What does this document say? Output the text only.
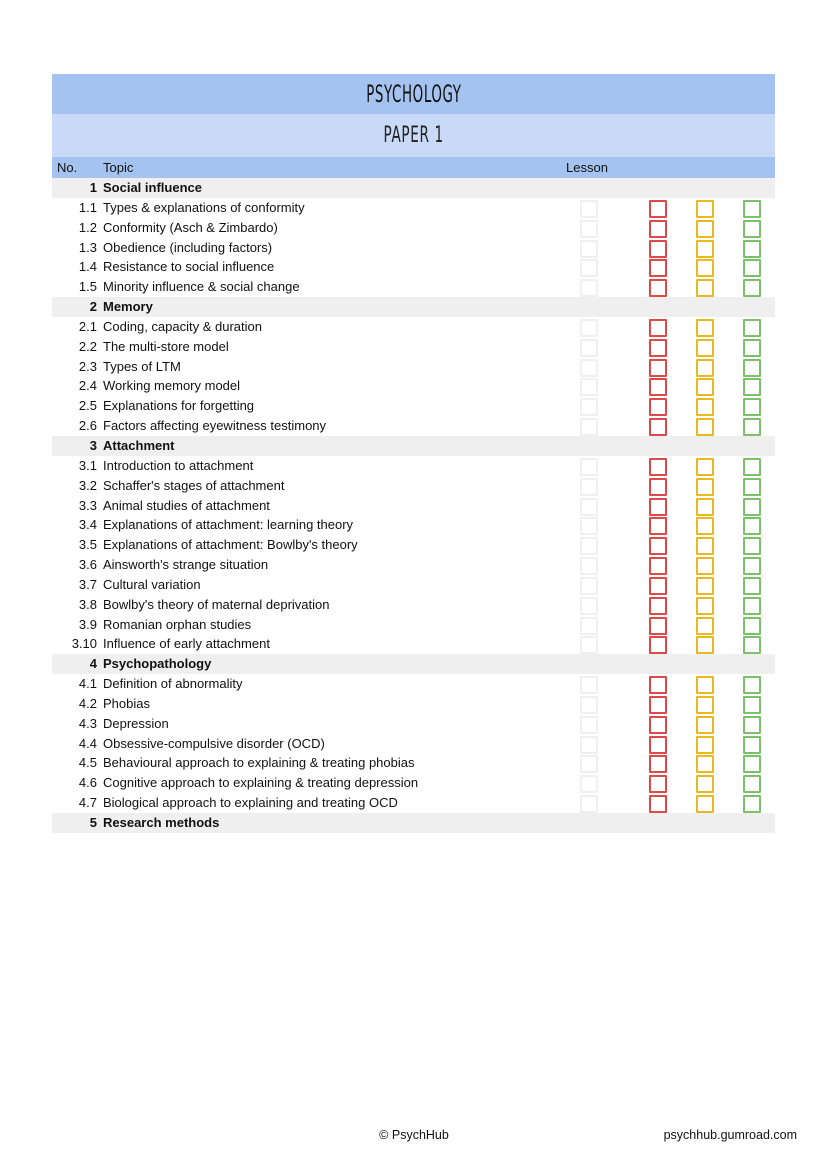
PSYCHOLOGY
PAPER 1
No. Topic	Lesson
1 Social influence
1.1 Types & explanations of conformity
1.2 Conformity (Asch & Zimbardo)
1.3 Obedience (including factors)
1.4 Resistance to social influence
1.5 Minority influence & social change
2 Memory
2.1 Coding, capacity & duration
2.2 The multi-store model
2.3 Types of LTM
2.4 Working memory model
2.5 Explanations for forgetting
2.6 Factors affecting eyewitness testimony
3 Attachment
3.1 Introduction to attachment
3.2 Schaffer's stages of attachment
3.3 Animal studies of attachment
3.4 Explanations of attachment: learning theory
3.5 Explanations of attachment: Bowlby's theory
3.6 Ainsworth's strange situation
3.7 Cultural variation
3.8 Bowlby's theory of maternal deprivation
3.9 Romanian orphan studies
3.10 Influence of early attachment
4 Psychopathology
4.1 Definition of abnormality
4.2 Phobias
4.3 Depression
4.4 Obsessive-compulsive disorder (OCD)
4.5 Behavioural approach to explaining & treating phobias
4.6 Cognitive approach to explaining & treating depression
4.7 Biological approach to explaining and treating OCD
5 Research methods
© PsychHub	psychhub.gumroad.com
